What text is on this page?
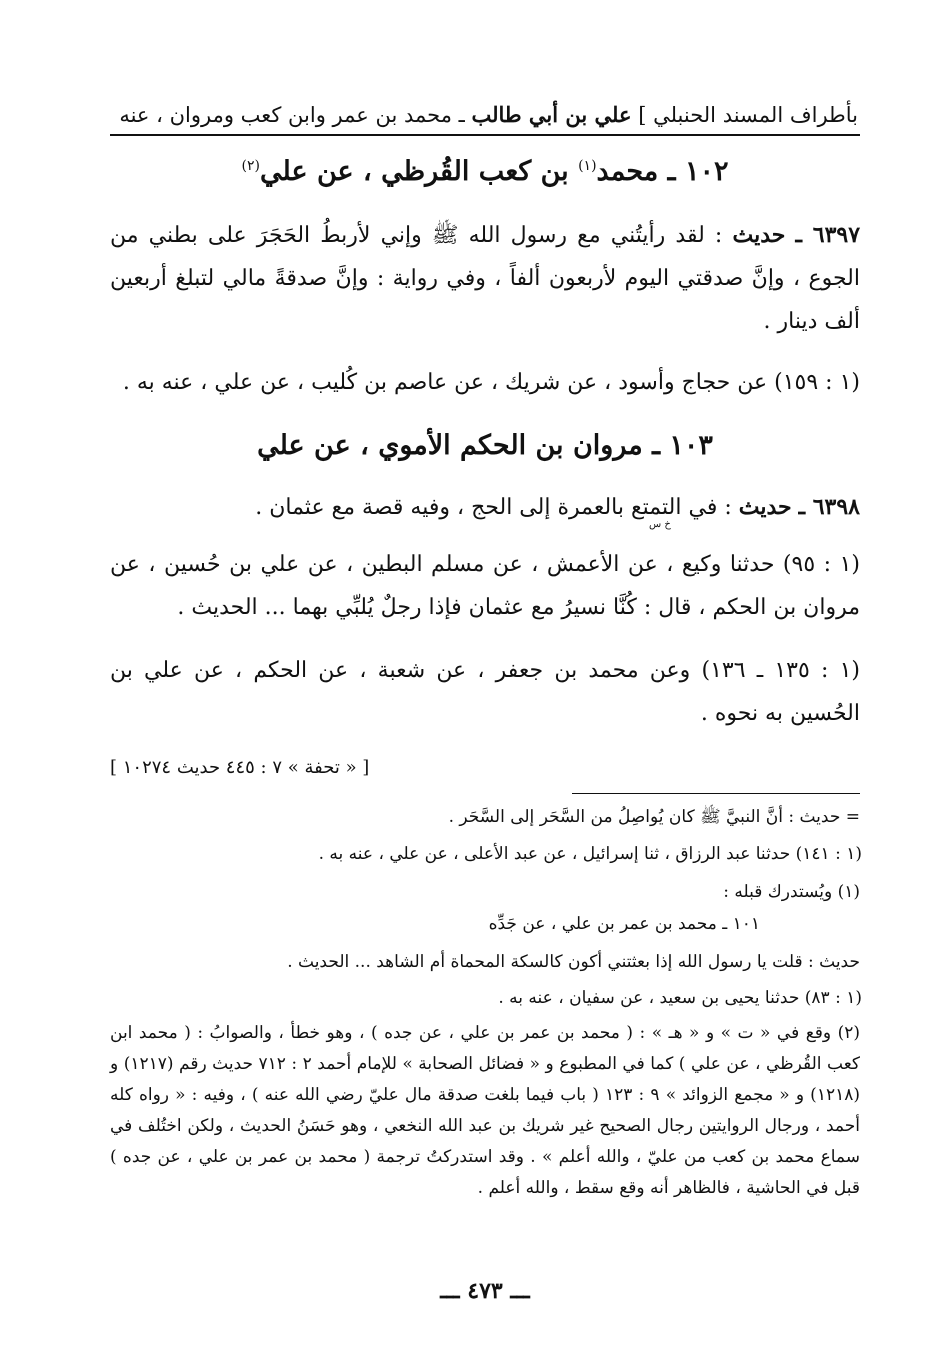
بأطراف المسند الحنبلي ] علي بن أبي طالب ـ محمد بن عمر وابن كعب ومروان ، عنه
١٠٢ ـ محمد$^{(١)}$ بن كعب القُرظي ، عن علي$^{(٢)}$
٦٣٩٧ ـ حديث : لقد رأيتُني مع رسول الله ﷺ وإني لأربطُ الحَجَرَ على بطني من الجوع ، وإنَّ صدقتي اليوم لأربعون ألفاً ، وفي رواية : وإنَّ صدقةً مالي لتبلغ أربعين ألف دينار .
(١ : ١٥٩) عن حجاج وأسود ، عن شريك ، عن عاصم بن كُليب ، عن علي ، عنه به .
١٠٣ ـ مروان بن الحكم الأموي ، عن علي
٦٣٩٨ ـ حديث : في التمتع بالعمرة إلى الحج ، وفيه قصة مع عثمان .
خ س
(١ : ٩٥) حدثنا وكيع ، عن الأعمش ، عن مسلم البطين ، عن علي بن حُسين ، عن مروان بن الحكم ، قال : كُنَّا نسيرُ مع عثمان فإذا رجلٌ يُلبِّي بهما ... الحديث .
(١ : ١٣٥ ـ ١٣٦) وعن محمد بن جعفر ، عن شعبة ، عن الحكم ، عن علي بن الحُسين به نحوه .
[ « تحفة » ٧ : ٤٤٥ حديث ١٠٢٧٤ ]
= حديث : أنَّ النبيَّ ﷺ كان يُواصِلُ من السَّحَر إلى السَّحَر .
(١ : ١٤١) حدثنا عبد الرزاق ، ثنا إسرائيل ، عن عبد الأعلى ، عن علي ، عنه به .
(١) ويُستدرك قبله :
١٠١ ـ محمد بن عمر بن علي ، عن جَدِّه
حديث : قلت يا رسول الله إذا بعثتني أكون كالسكة المحماة أم الشاهد ... الحديث .
(١ : ٨٣) حدثنا يحيى بن سعيد ، عن سفيان ، عنه به .
(٢) وقع في « ت » و « هـ » : ( محمد بن عمر بن علي ، عن جده ) ، وهو خطأ ، والصوابُ : ( محمد ابن كعب القُرظي ، عن علي ) كما في المطبوع و « فضائل الصحابة » للإمام أحمد ٢ : ٧١٢ حديث رقم (١٢١٧) و (١٢١٨) و « مجمع الزوائد » ٩ : ١٢٣ ( باب فيما بلغت صدقة مال عليّ رضي الله عنه ) ، وفيه : « رواه كله أحمد ، ورجال الروايتين رجال الصحيح غير شريك بن عبد الله النخعي ، وهو حَسَنُ الحديث ، ولكن اختُلف في سماع محمد بن كعب من عليّ ، والله أعلم » . وقد استدركتُ ترجمة ( محمد بن عمر بن علي ، عن جده ) قبل في الحاشية ، فالظاهر أنه وقع سقط ، والله أعلم .
ـــ ٤٧٣ ـــ
